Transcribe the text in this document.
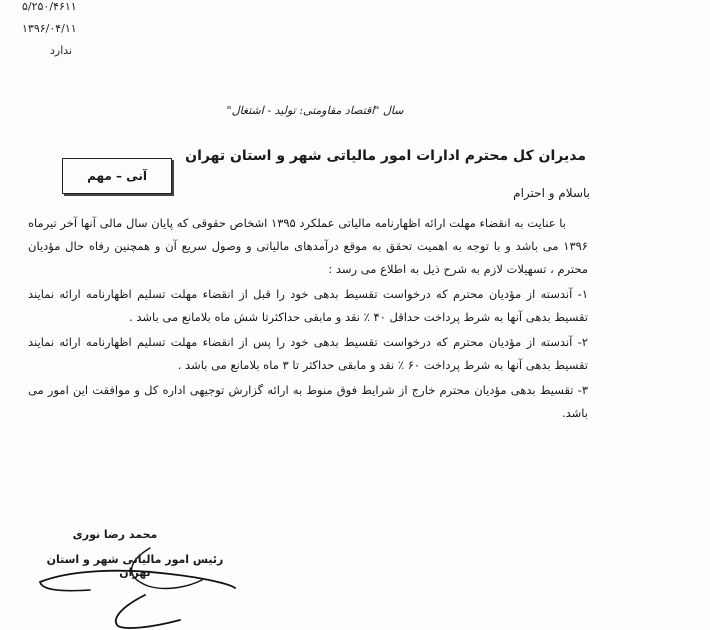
۵/۲۵۰/۴۶۱۱
۱۳۹۶/۰۴/۱۱
ندارد
سال "اقتصاد مقاومتی: تولید - اشتغال"
مدیران کل محترم ادارات امور مالیاتی شهر و استان تهران
آنی – مهم
باسلام و احترام

با عنایت به انقضاء مهلت ارائه اظهارنامه مالیاتی عملکرد ۱۳۹۵ اشخاص حقوقی که پایان سال مالی آنها آخر تیرماه ۱۳۹۶ می باشد و با توجه به اهمیت تحقق به موقع درآمدهای مالیاتی و وصول سریع آن و همچنین رفاه حال مؤدیان محترم ، تسهیلات لازم به شرح ذیل به اطلاع می رسد :

۱- آندسته از مؤدیان محترم که درخواست تقسیط بدهی خود را قبل از انقضاء مهلت تسلیم اظهارنامه ارائه نمایند تقسیط بدهی آنها به شرط پرداخت حداقل ۴۰ ٪ نقد و مابقی حداکثرتا شش ماه بلامانع می باشد .

۲- آندسته از مؤدیان محترم که درخواست تقسیط بدهی خود را پس از انقضاء مهلت تسلیم اظهارنامه ارائه نمایند تقسیط بدهی آنها به شرط پرداخت ۶۰ ٪ نقد و مابقی حداکثر تا ۳ ماه بلامانع می باشد .

۳- تقسیط بدهی مؤدیان محترم خارج از شرایط فوق منوط به ارائه گزارش توجیهی اداره کل و موافقت این امور می باشد.

محمد رضا نوری
رئیس امور مالیاتی شهر و استان تهران
